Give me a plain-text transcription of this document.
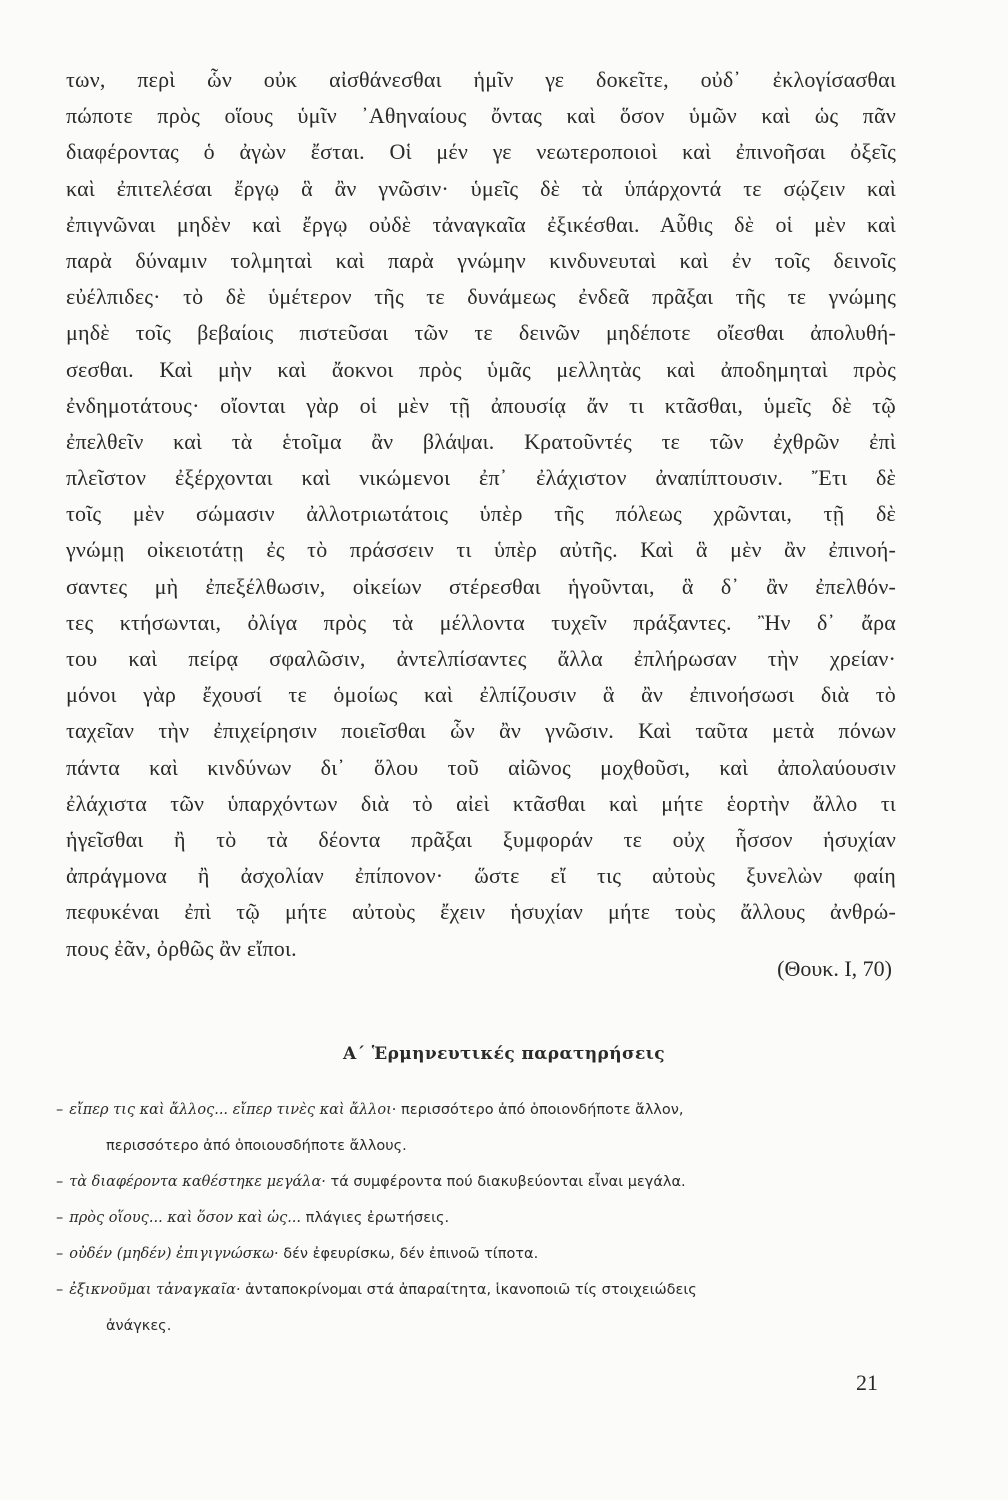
των, περὶ ὧν οὐκ αἰσθάνεσθαι ἡμῖν γε δοκεῖτε, οὐδ᾿ ἐκλογίσασθαι
πώποτε πρὸς οἵους ὑμῖν ᾿Αθηναίους ὄντας καὶ ὅσον ὑμῶν καὶ ὡς πᾶν
διαφέροντας ὁ ἀγὼν ἔσται. Οἱ μέν γε νεωτεροποιοὶ καὶ ἐπινοῆσαι ὀξεῖς
καὶ ἐπιτελέσαι ἔργῳ ἃ ἂν γνῶσιν· ὑμεῖς δὲ τὰ ὑπάρχοντά τε σῴζειν καὶ
ἐπιγνῶναι μηδὲν καὶ ἔργῳ οὐδὲ τἀναγκαῖα ἐξικέσθαι. Αὖθις δὲ οἱ μὲν καὶ
παρὰ δύναμιν τολμηταὶ καὶ παρὰ γνώμην κινδυνευταὶ καὶ ἐν τοῖς δεινοῖς
εὐέλπιδες· τὸ δὲ ὑμέτερον τῆς τε δυνάμεως ἐνδεᾶ πρᾶξαι τῆς τε γνώμης
μηδὲ τοῖς βεβαίοις πιστεῦσαι τῶν τε δεινῶν μηδέποτε οἴεσθαι ἀπολυθή-
σεσθαι. Καὶ μὴν καὶ ἄοκνοι πρὸς ὑμᾶς μελλητὰς καὶ ἀποδημηταὶ πρὸς
ἐνδημοτάτους· οἴονται γὰρ οἱ μὲν τῇ ἀπουσίᾳ ἄν τι κτᾶσθαι, ὑμεῖς δὲ τῷ
ἐπελθεῖν καὶ τὰ ἑτοῖμα ἂν βλάψαι. Κρατοῦντές τε τῶν ἐχθρῶν ἐπὶ
πλεῖστον ἐξέρχονται καὶ νικώμενοι ἐπ᾿ ἐλάχιστον ἀναπίπτουσιν. Ἔτι δὲ
τοῖς μὲν σώμασιν ἀλλοτριωτάτοις ὑπὲρ τῆς πόλεως χρῶνται, τῇ δὲ
γνώμῃ οἰκειοτάτῃ ἐς τὸ πράσσειν τι ὑπὲρ αὐτῆς. Καὶ ἃ μὲν ἂν ἐπινοή-
σαντες μὴ ἐπεξέλθωσιν, οἰκείων στέρεσθαι ἡγοῦνται, ἃ δ᾿ ἂν ἐπελθόν-
τες κτήσωνται, ὀλίγα πρὸς τὰ μέλλοντα τυχεῖν πράξαντες. Ἢν δ᾿ ἄρα
του καὶ πείρᾳ σφαλῶσιν, ἀντελπίσαντες ἄλλα ἐπλήρωσαν τὴν χρείαν·
μόνοι γὰρ ἔχουσί τε ὁμοίως καὶ ἐλπίζουσιν ἃ ἂν ἐπινοήσωσι διὰ τὸ
ταχεῖαν τὴν ἐπιχείρησιν ποιεῖσθαι ὧν ἂν γνῶσιν. Καὶ ταῦτα μετὰ πόνων
πάντα καὶ κινδύνων δι᾿ ὅλου τοῦ αἰῶνος μοχθοῦσι, καὶ ἀπολαύουσιν
ἐλάχιστα τῶν ὑπαρχόντων διὰ τὸ αἰεὶ κτᾶσθαι καὶ μήτε ἑορτὴν ἄλλο τι
ἡγεῖσθαι ἢ τὸ τὰ δέοντα πρᾶξαι ξυμφοράν τε οὐχ ἧσσον ἡσυχίαν
ἀπράγμονα ἢ ἀσχολίαν ἐπίπονον· ὥστε εἴ τις αὐτοὺς ξυνελὼν φαίη
πεφυκέναι ἐπὶ τῷ μήτε αὐτοὺς ἔχειν ἡσυχίαν μήτε τοὺς ἄλλους ἀνθρώ-
πους ἐᾶν, ὀρθῶς ἂν εἴποι.
(Θουκ. Ι, 70)
Α΄ Ἑρμηνευτικές παρατηρήσεις
– εἴπερ τις καὶ ἄλλος... εἴπερ τινὲς καὶ ἄλλοι· περισσότερο ἀπό ὁποιονδήποτε ἄλλον,
περισσότερο ἀπό ὁποιουσδήποτε ἄλλους.
– τὰ διαφέροντα καθέστηκε μεγάλα· τά συμφέροντα πού διακυβεύονται εἶναι μεγάλα.
– πρὸς οἵους... καὶ ὅσον καὶ ὡς... πλάγιες ἐρωτήσεις.
– οὐδέν (μηδέν) ἐπιγιγνώσκω· δέν ἐφευρίσκω, δέν ἐπινοῶ τίποτα.
– ἐξικνοῦμαι τἀναγκαῖα· ἀνταποκρίνομαι στά ἀπαραίτητα, ἱκανοποιῶ τίς στοιχειώδεις
ἀνάγκες.
21
